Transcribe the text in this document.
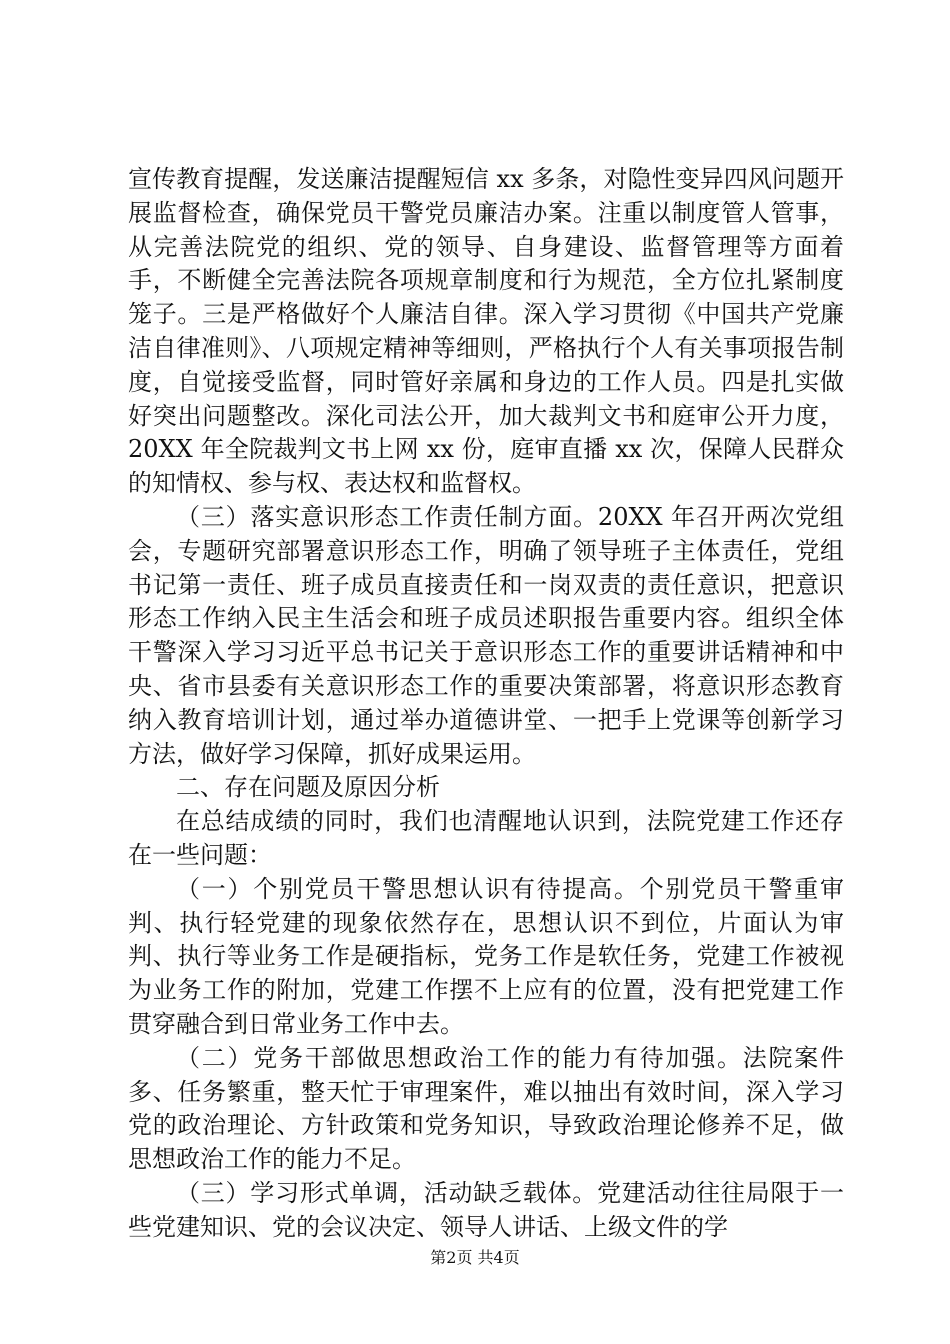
宣传教育提醒，发送廉洁提醒短信 xx 多条，对隐性变异四风问题开展监督检查，确保党员干警党员廉洁办案。注重以制度管人管事，从完善法院党的组织、党的领导、自身建设、监督管理等方面着手，不断健全完善法院各项规章制度和行为规范，全方位扎紧制度笼子。三是严格做好个人廉洁自律。深入学习贯彻《中国共产党廉洁自律准则》、八项规定精神等细则，严格执行个人有关事项报告制度，自觉接受监督，同时管好亲属和身边的工作人员。四是扎实做好突出问题整改。深化司法公开，加大裁判文书和庭审公开力度，20XX 年全院裁判文书上网 xx 份，庭审直播 xx 次，保障人民群众的知情权、参与权、表达权和监督权。

（三）落实意识形态工作责任制方面。20XX 年召开两次党组会，专题研究部署意识形态工作，明确了领导班子主体责任，党组书记第一责任、班子成员直接责任和一岗双责的责任意识，把意识形态工作纳入民主生活会和班子成员述职报告重要内容。组织全体干警深入学习习近平总书记关于意识形态工作的重要讲话精神和中央、省市县委有关意识形态工作的重要决策部署，将意识形态教育纳入教育培训计划，通过举办道德讲堂、一把手上党课等创新学习方法，做好学习保障，抓好成果运用。

二、存在问题及原因分析

在总结成绩的同时，我们也清醒地认识到，法院党建工作还存在一些问题：

（一）个别党员干警思想认识有待提高。个别党员干警重审判、执行轻党建的现象依然存在，思想认识不到位，片面认为审判、执行等业务工作是硬指标，党务工作是软任务，党建工作被视为业务工作的附加，党建工作摆不上应有的位置，没有把党建工作贯穿融合到日常业务工作中去。

（二）党务干部做思想政治工作的能力有待加强。法院案件多、任务繁重，整天忙于审理案件，难以抽出有效时间，深入学习党的政治理论、方针政策和党务知识，导致政治理论修养不足，做思想政治工作的能力不足。

（三）学习形式单调，活动缺乏载体。党建活动往往局限于一些党建知识、党的会议决定、领导人讲话、上级文件的学

第2页 共4页
